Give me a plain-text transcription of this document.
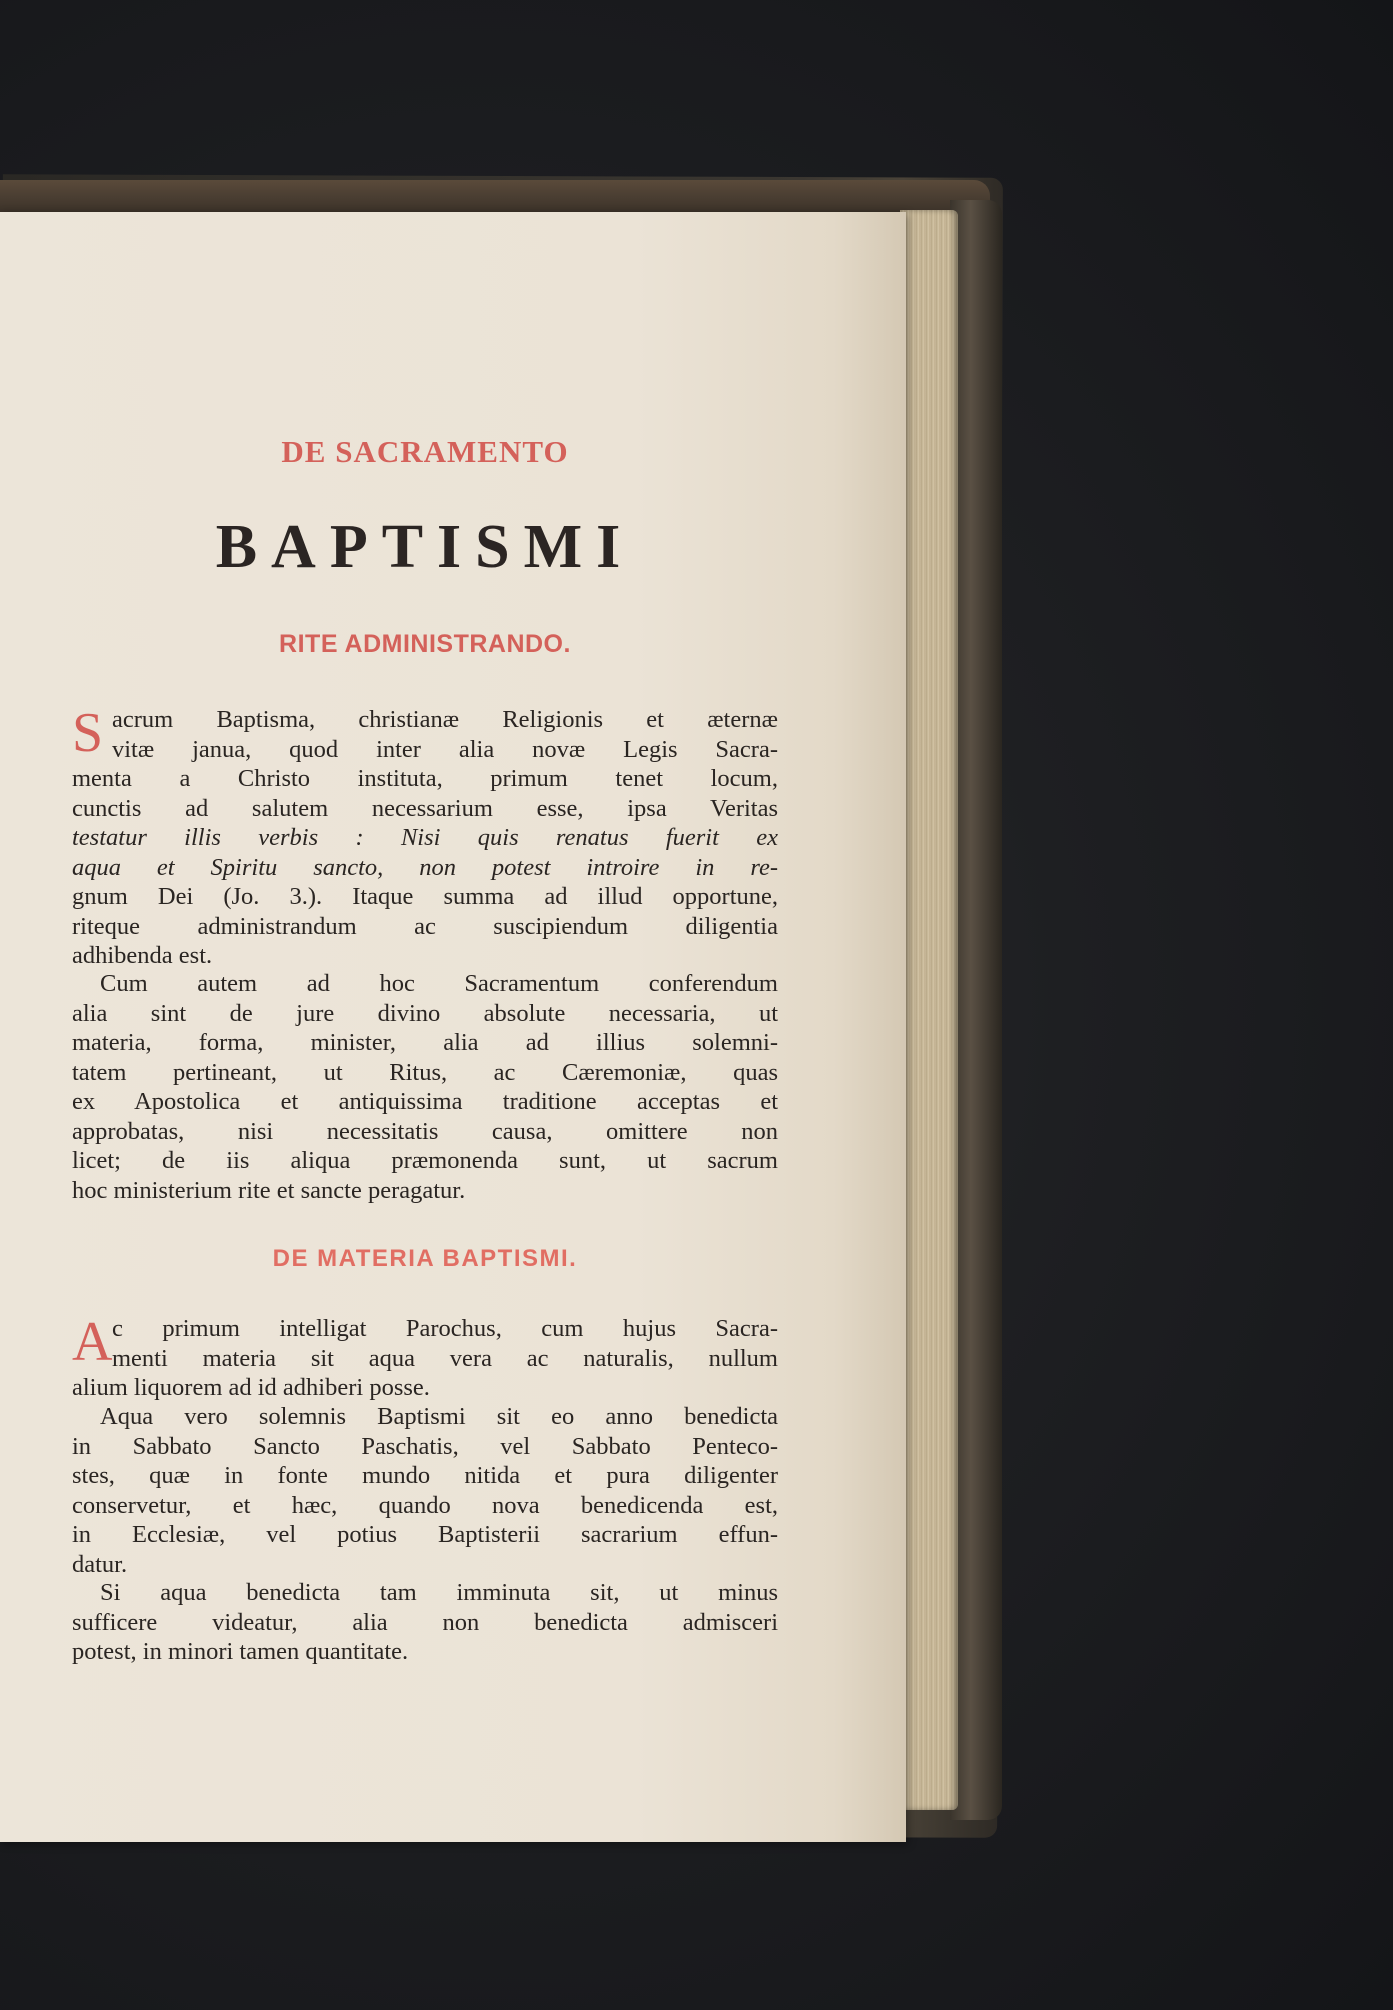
DE SACRAMENTO
BAPTISMI
RITE ADMINISTRANDO.
S acrum Baptisma, christianæ Religionis et æternæ
vitæ janua, quod inter alia novæ Legis Sacra-
menta a Christo instituta, primum tenet locum,
cunctis ad salutem necessarium esse, ipsa Veritas
testatur illis verbis : Nisi quis renatus fuerit ex
aqua et Spiritu sancto, non potest introire in re-
gnum Dei (Jo. 3.). Itaque summa ad illud opportune,
riteque administrandum ac suscipiendum diligentia
adhibenda est.
Cum autem ad hoc Sacramentum conferendum
alia sint de jure divino absolute necessaria, ut
materia, forma, minister, alia ad illius solemni-
tatem pertineant, ut Ritus, ac Cæremoniæ, quas
ex Apostolica et antiquissima traditione acceptas et
approbatas, nisi necessitatis causa, omittere non
licet; de iis aliqua præmonenda sunt, ut sacrum
hoc ministerium rite et sancte peragatur.
DE MATERIA BAPTISMI.
A c primum intelligat Parochus, cum hujus Sacra-
menti materia sit aqua vera ac naturalis, nullum
alium liquorem ad id adhiberi posse.
Aqua vero solemnis Baptismi sit eo anno benedicta
in Sabbato Sancto Paschatis, vel Sabbato Penteco-
stes, quæ in fonte mundo nitida et pura diligenter
conservetur, et hæc, quando nova benedicenda est,
in Ecclesiæ, vel potius Baptisterii sacrarium effun-
datur.
Si aqua benedicta tam imminuta sit, ut minus
sufficere videatur, alia non benedicta admisceri
potest, in minori tamen quantitate.
